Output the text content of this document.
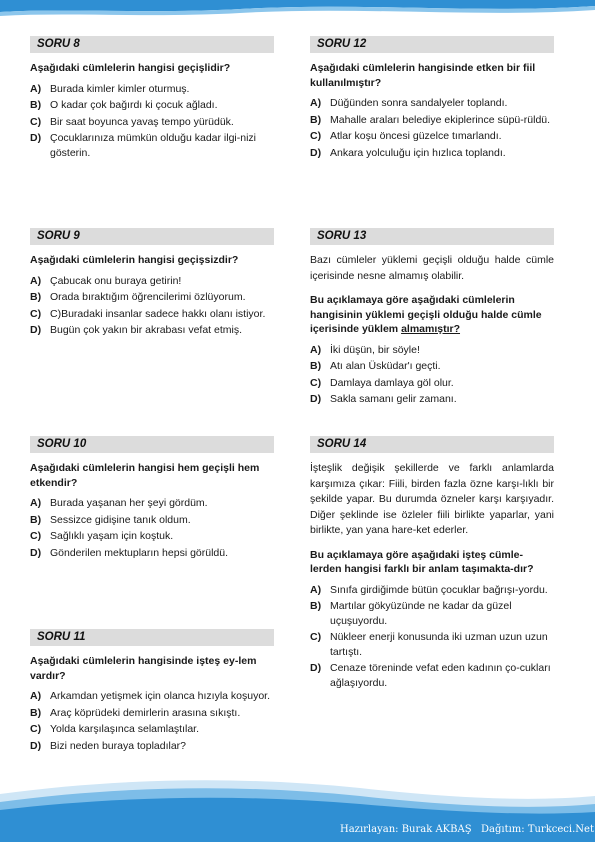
SORU 8

Aşağıdaki cümlelerin hangisi geçişlidir?

A) Burada kimler kimler oturmuş.
B) O kadar çok bağırdı ki çocuk ağladı.
C) Bir saat boyunca yavaş tempo yürüdük.
D) Çocuklarınıza mümkün olduğu kadar ilgi-nizi gösterin.
SORU 9

Aşağıdaki cümlelerin hangisi geçişsizdir?

A) Çabucak onu buraya getirin!
B) Orada bıraktığım öğrencilerimi özlüyorum.
C) C)Buradaki insanlar sadece hakkı olanı istiyor.
D) Bugün çok yakın bir akrabası vefat etmiş.
SORU 10

Aşağıdaki cümlelerin hangisi hem geçişli hem etkendir?

A) Burada yaşanan her şeyi gördüm.
B) Sessizce gidişine tanık oldum.
C) Sağlıklı yaşam için koştuk.
D) Gönderilen mektupların hepsi görüldü.
SORU 11

Aşağıdaki cümlelerin hangisinde işteş ey-lem vardır?

A) Arkamdan yetişmek için olanca hızıyla koşuyor.
B) Araç köprüdeki demirlerin arasına sıkıştı.
C) Yolda karşılaşınca selamlaştılar.
D) Bizi neden buraya topladılar?
SORU 12

Aşağıdaki cümlelerin hangisinde etken bir fiil kullanılmıştır?

A) Düğünden sonra sandalyeler toplandı.
B) Mahalle araları belediye ekiplerince süpü-rüldü.
C) Atlar koşu öncesi güzelce tımarlandı.
D) Ankara yolculuğu için hızlıca toplandı.
SORU 13

Bazı cümleler yüklemi geçişli olduğu halde cümle içerisinde nesne almamış olabilir.

Bu açıklamaya göre aşağıdaki cümlelerin hangisinin yüklemi geçişli olduğu halde cümle içerisinde yüklem almamıştır?

A) İki düşün, bir söyle!
B) Atı alan Üsküdar'ı geçti.
C) Damlaya damlaya göl olur.
D) Sakla samanı gelir zamanı.
SORU 14

İşteşlik değişik şekillerde ve farklı anlamlarda karşımıza çıkar: Fiili, birden fazla özne karşı-lıklı bir şekilde yapar. Bu durumda özneler karşı karşıyadır. Diğer şeklinde ise özleler fiili birlikte yaparlar, yani birlikte, yan yana hare-ket ederler.

Bu açıklamaya göre aşağıdaki işteş cümle-lerden hangisi farklı bir anlam taşımakta-dır?

A) Sınıfa girdiğimde bütün çocuklar bağrışı-yordu.
B) Martılar gökyüzünde ne kadar da güzel uçuşuyordu.
C) Nükleer enerji konusunda iki uzman uzun uzun tartıştı.
D) Cenaze töreninde vefat eden kadının ço-cukları ağlaşıyordu.
Hazırlayan: Burak AKBAŞ Dağıtım: Turkceci.Net
